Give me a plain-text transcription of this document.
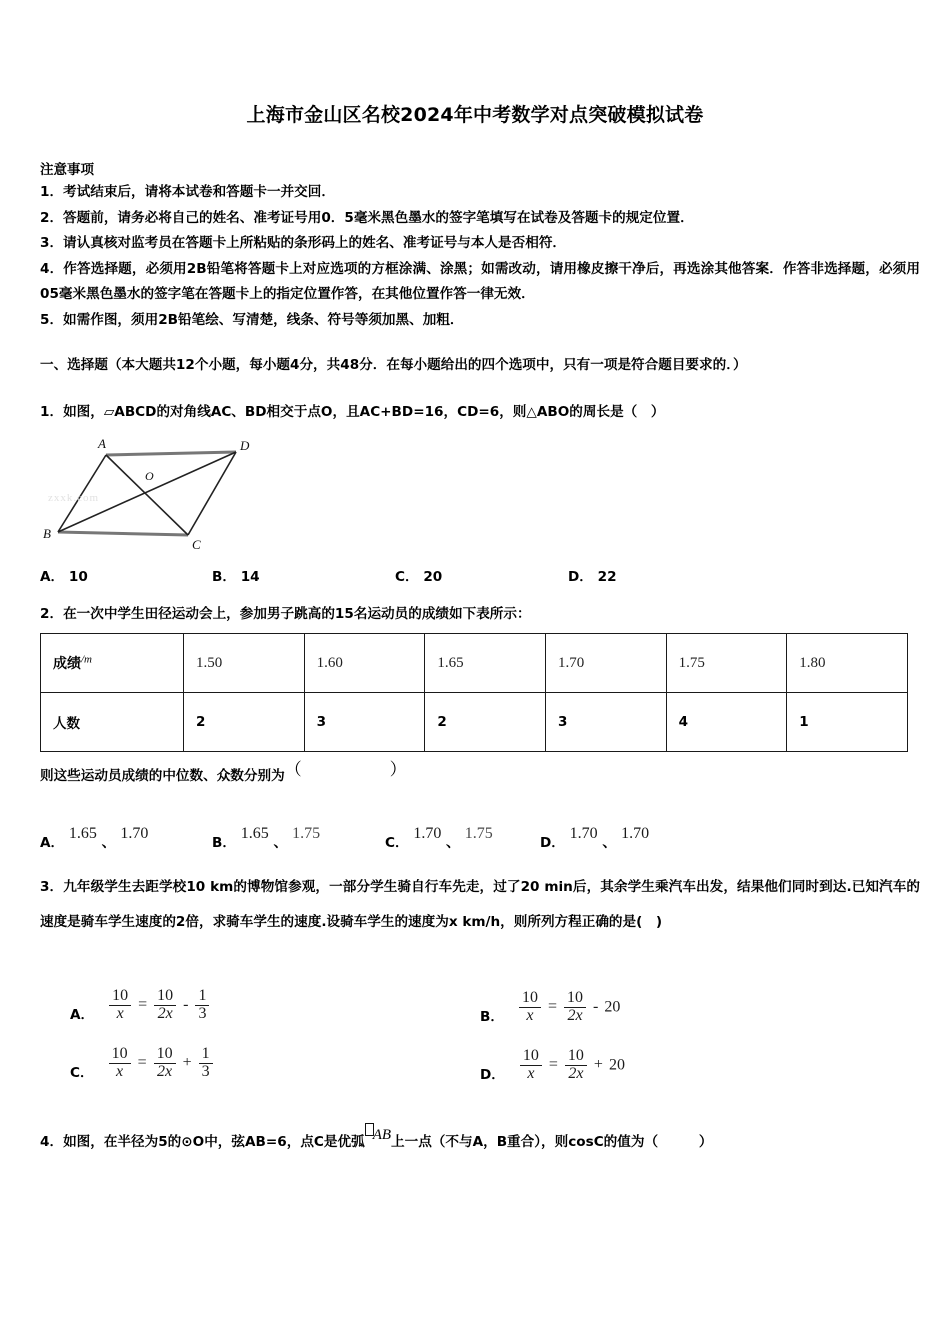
上海市金山区名校2024年中考数学对点突破模拟试卷
注意事项
1．考试结束后，请将本试卷和答题卡一并交回．
2．答题前，请务必将自己的姓名、准考证号用0．5毫米黑色墨水的签字笔填写在试卷及答题卡的规定位置．
3．请认真核对监考员在答题卡上所粘贴的条形码上的姓名、准考证号与本人是否相符．
4．作答选择题，必须用2B铅笔将答题卡上对应选项的方框涂满、涂黑；如需改动，请用橡皮擦干净后，再选涂其他答案．作答非选择题，必须用05毫米黑色墨水的签字笔在答题卡上的指定位置作答，在其他位置作答一律无效．
5．如需作图，须用2B铅笔绘、写清楚，线条、符号等须加黑、加粗．
一、选择题（本大题共12个小题，每小题4分，共48分．在每小题给出的四个选项中，只有一项是符合题目要求的．）
1．如图，▱ABCD的对角线AC、BD相交于点O，且AC+BD=16，CD=6，则△ABO的周长是（　）
A	D
B
C
O
zxxk.com
A． 10	B． 14	C． 20	D． 22
2．在一次中学生田径运动会上，参加男子跳高的15名运动员的成绩如下表所示：
成绩$^{/m}$	1.50	1.60	1.65	1.70	1.75	1.80
人数	2	3	2	3	4	1
则这些运动员成绩的中位数、众数分别为（　　）
A． 1.65 、 1.70
B． 1.65 、 1.75
C． 1.70 、 1.75
D． 1.70 、 1.70
3．九年级学生去距学校10 km的博物馆参观，一部分学生骑自行车先走，过了20 min后，其余学生乘汽车出发，结果他们同时到达.已知汽车的速度是骑车学生速度的2倍，求骑车学生的速度.设骑车学生的速度为x km/h，则所列方程正确的是(　)
$_{A.} \frac{10}{x} = \frac{10}{2x} - \frac{1}{3}$	$_{B.} \frac{10}{x} = \frac{10}{2x} - 20$
$_{C.} \frac{10}{x} = \frac{10}{2x} + \frac{1}{3}$	$_{D.} \frac{10}{x} = \frac{10}{2x} + 20$
4．如图，在半径为5的⊙O中，弦AB=6，点C是优弧 AB上一点（不与A，B重合），则cosC的值为（　　　）
